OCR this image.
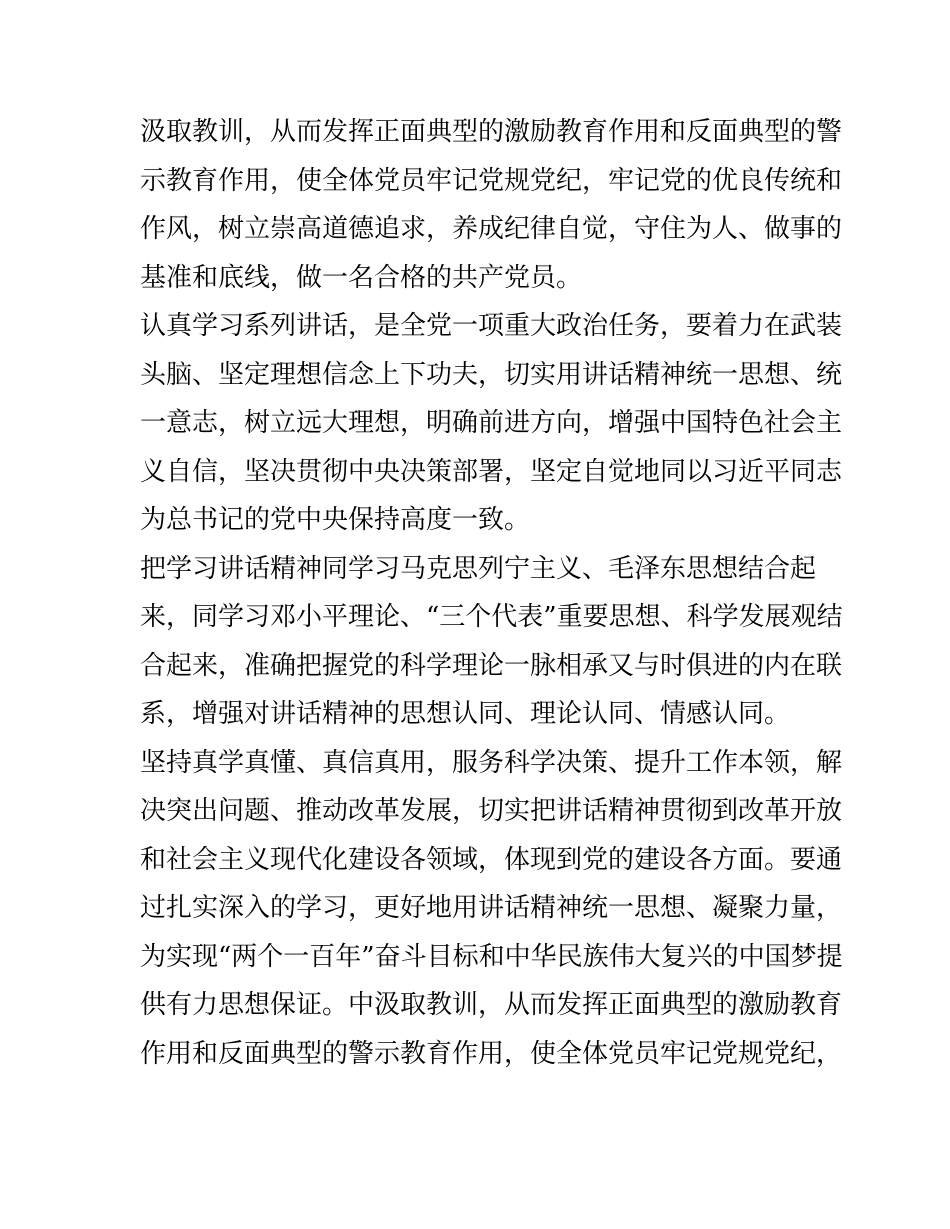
汲取教训，从而发挥正面典型的激励教育作用和反面典型的警
示教育作用，使全体党员牢记党规党纪，牢记党的优良传统和
作风，树立崇高道德追求，养成纪律自觉，守住为人、做事的
基准和底线，做一名合格的共产党员。
认真学习系列讲话，是全党一项重大政治任务，要着力在武装
头脑、坚定理想信念上下功夫，切实用讲话精神统一思想、统
一意志，树立远大理想，明确前进方向，增强中国特色社会主
义自信，坚决贯彻中央决策部署，坚定自觉地同以习近平同志
为总书记的党中央保持高度一致。
把学习讲话精神同学习马克思列宁主义、毛泽东思想结合起
来，同学习邓小平理论、“三个代表”重要思想、科学发展观结
合起来，准确把握党的科学理论一脉相承又与时俱进的内在联
系，增强对讲话精神的思想认同、理论认同、情感认同。
坚持真学真懂、真信真用，服务科学决策、提升工作本领，解
决突出问题、推动改革发展，切实把讲话精神贯彻到改革开放
和社会主义现代化建设各领域，体现到党的建设各方面。要通
过扎实深入的学习，更好地用讲话精神统一思想、凝聚力量，
为实现“两个一百年”奋斗目标和中华民族伟大复兴的中国梦提
供有力思想保证。中汲取教训，从而发挥正面典型的激励教育
作用和反面典型的警示教育作用，使全体党员牢记党规党纪，
